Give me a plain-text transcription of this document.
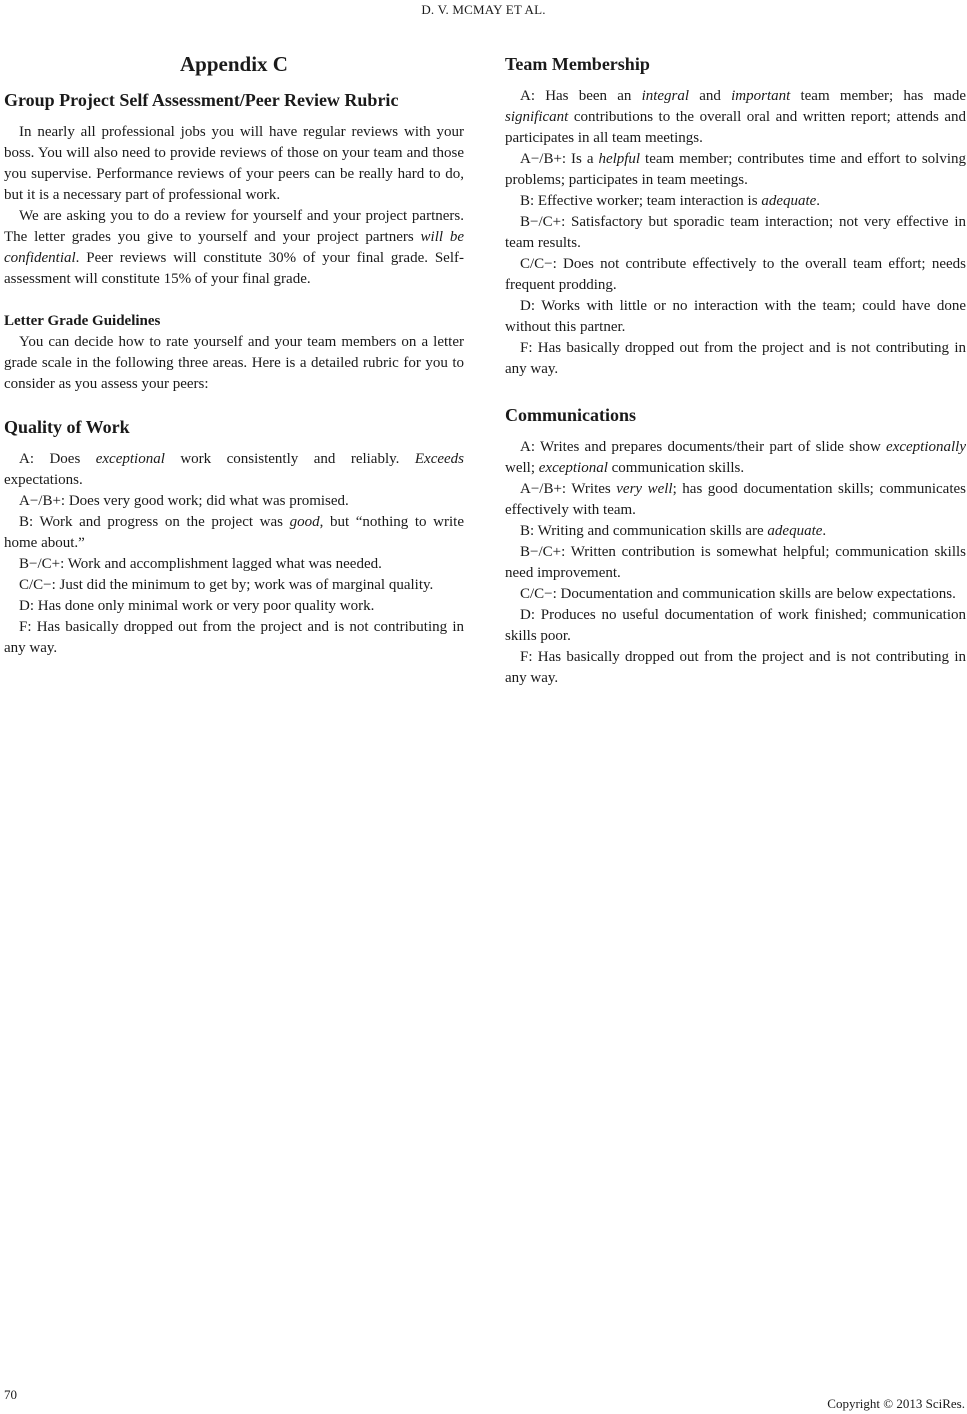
D. V. MCMAY ET AL.
Appendix C
Group Project Self Assessment/Peer Review Rubric

In nearly all professional jobs you will have regular reviews with your boss. You will also need to provide reviews of those on your team and those you supervise. Performance reviews of your peers can be really hard to do, but it is a necessary part of professional work.

We are asking you to do a review for yourself and your project partners. The letter grades you give to yourself and your project partners will be confidential. Peer reviews will constitute 30% of your final grade. Self-assessment will constitute 15% of your final grade.

Letter Grade Guidelines

You can decide how to rate yourself and your team members on a letter grade scale in the following three areas. Here is a detailed rubric for you to consider as you assess your peers:

Quality of Work

A: Does exceptional work consistently and reliably. Exceeds expectations.

A−/B+: Does very good work; did what was promised.

B: Work and progress on the project was good, but “nothing to write home about.”

B−/C+: Work and accomplishment lagged what was needed.

C/C−: Just did the minimum to get by; work was of marginal quality.

D: Has done only minimal work or very poor quality work.

F: Has basically dropped out from the project and is not contributing in any way.

Team Membership

A: Has been an integral and important team member; has made significant contributions to the overall oral and written report; attends and participates in all team meetings.

A−/B+: Is a helpful team member; contributes time and effort to solving problems; participates in team meetings.

B: Effective worker; team interaction is adequate.

B−/C+: Satisfactory but sporadic team interaction; not very effective in team results.

C/C−: Does not contribute effectively to the overall team effort; needs frequent prodding.

D: Works with little or no interaction with the team; could have done without this partner.

F: Has basically dropped out from the project and is not contributing in any way.

Communications

A: Writes and prepares documents/their part of slide show exceptionally well; exceptional communication skills.

A−/B+: Writes very well; has good documentation skills; communicates effectively with team.

B: Writing and communication skills are adequate.

B−/C+: Written contribution is somewhat helpful; communication skills need improvement.

C/C−: Documentation and communication skills are below expectations.

D: Produces no useful documentation of work finished; communication skills poor.

F: Has basically dropped out from the project and is not contributing in any way.

70
Copyright © 2013 SciRes.
